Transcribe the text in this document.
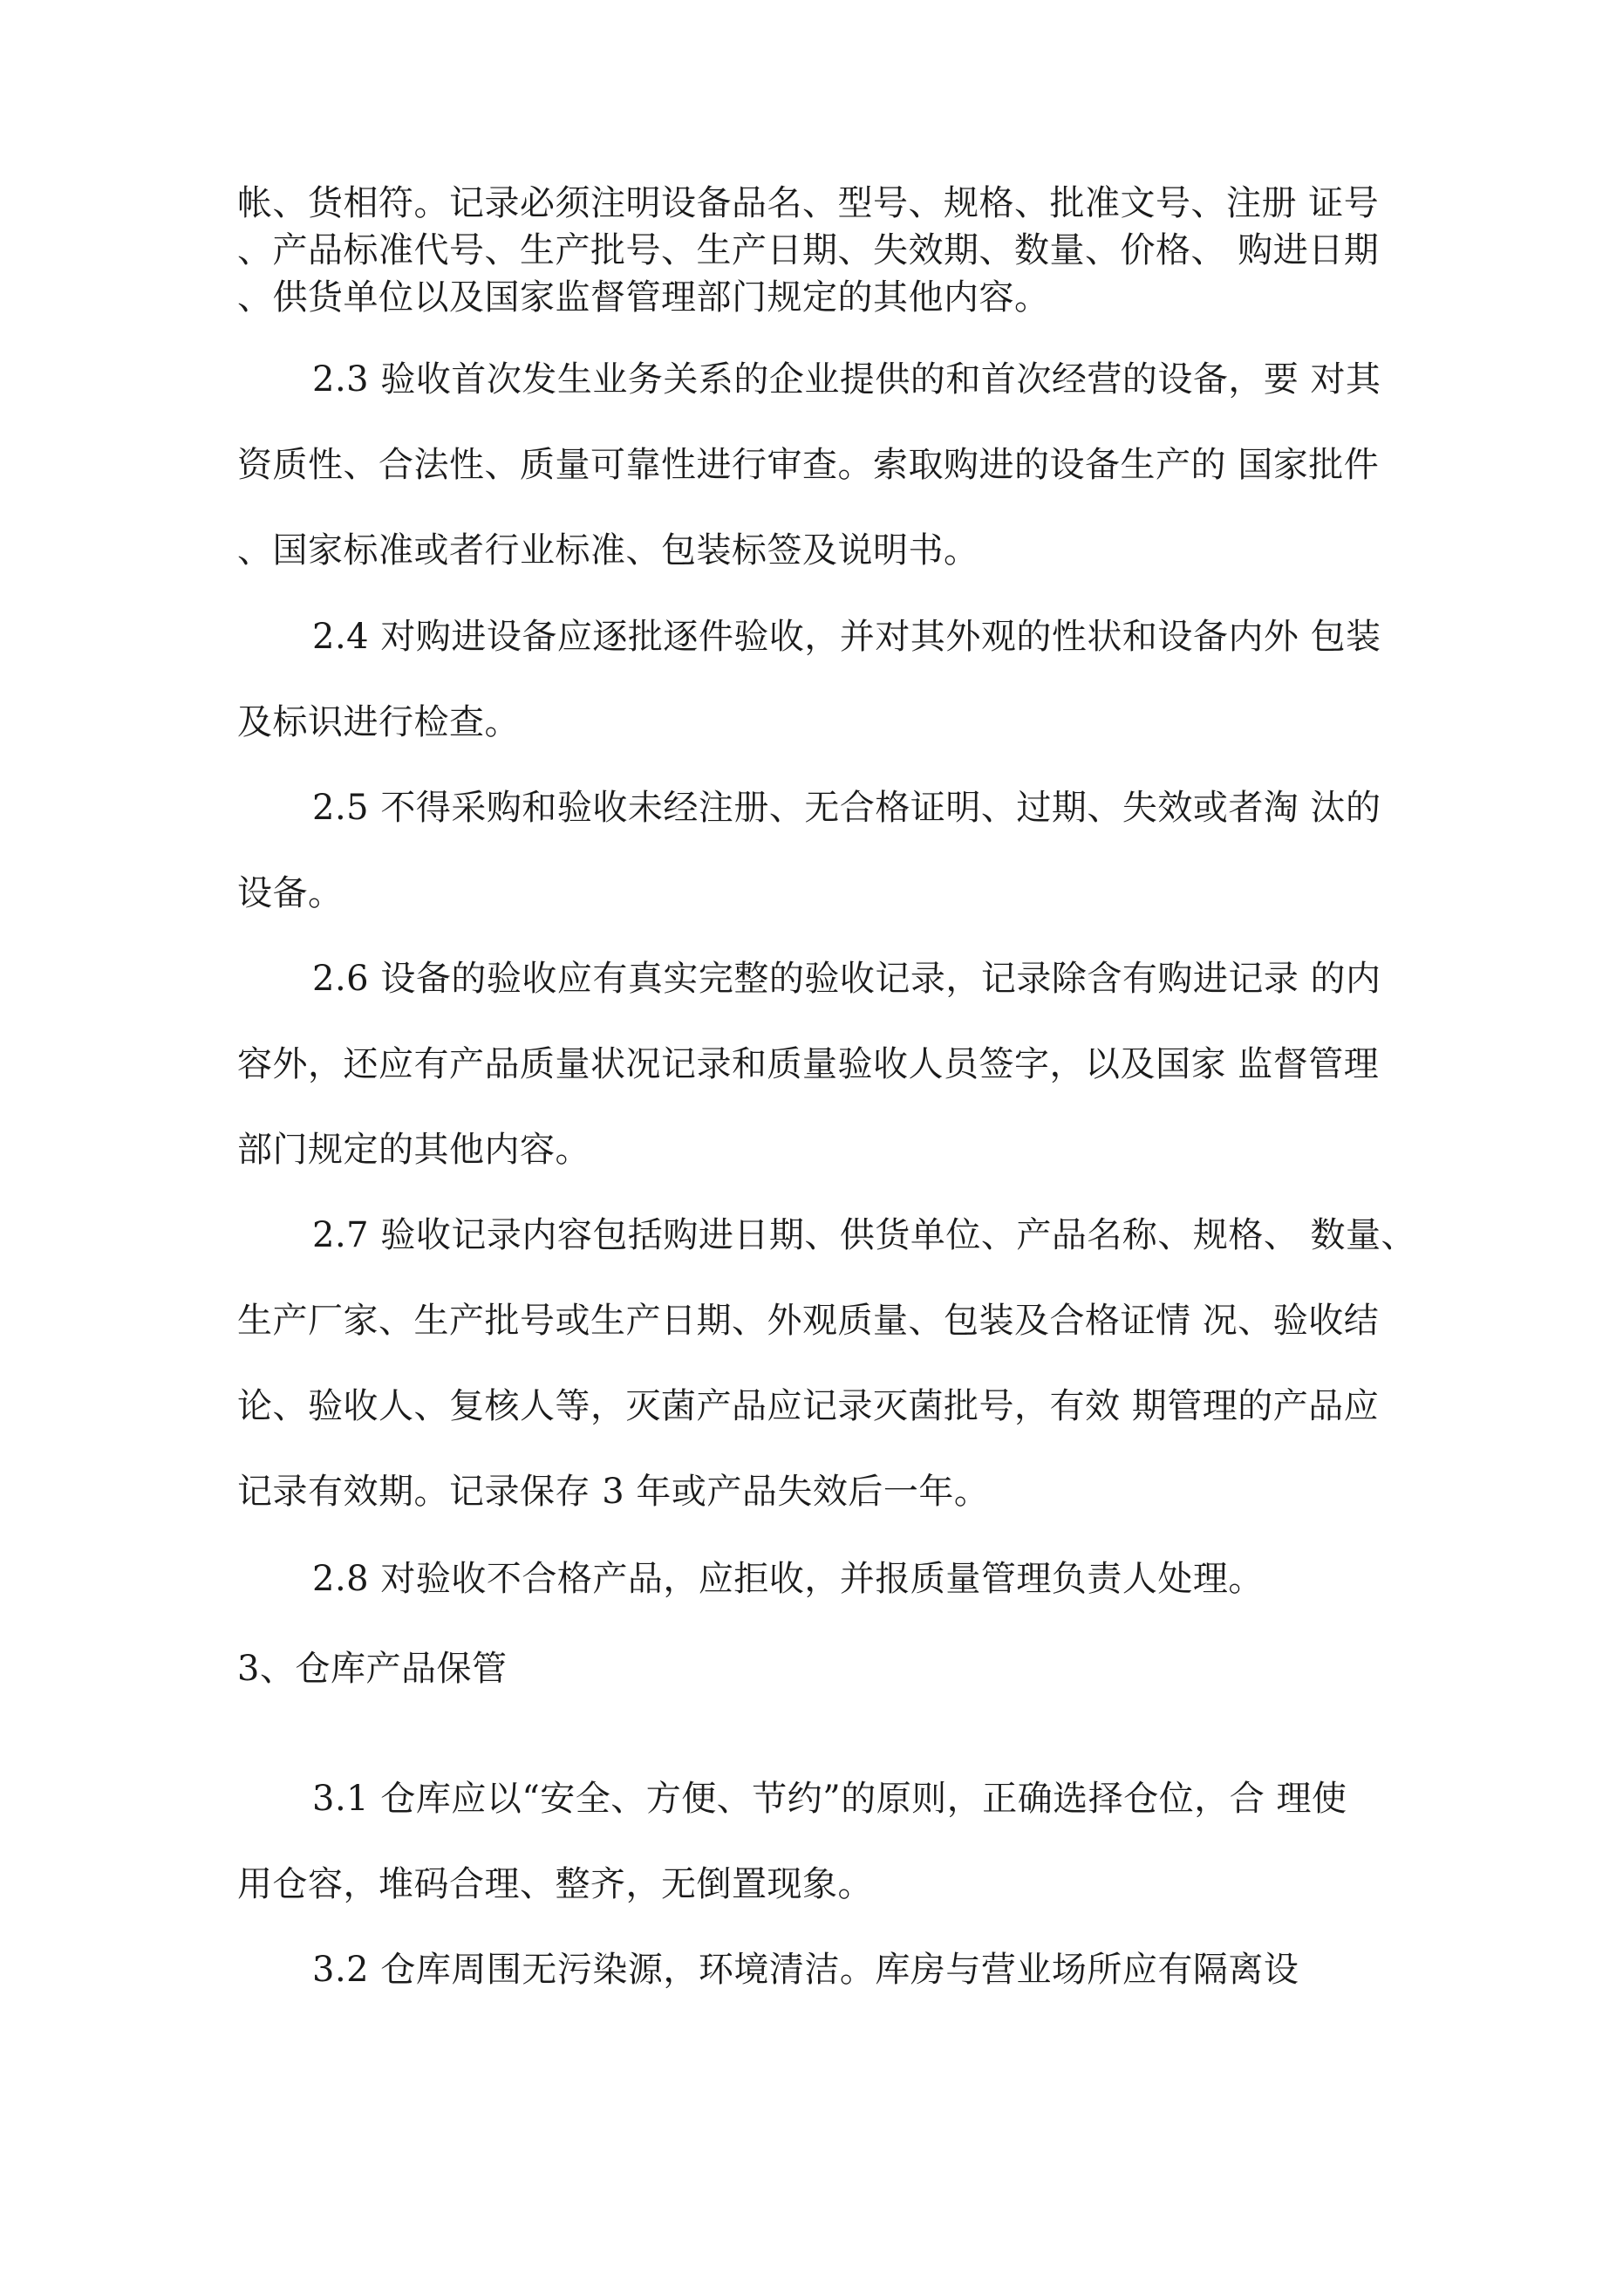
帐、货相符。记录必须注明设备品名、型号、规格、批准文号、注册 证号
、产品标准代号、生产批号、生产日期、失效期、数量、价格、 购进日期
、供货单位以及国家监督管理部门规定的其他内容。
2.3 验收首次发生业务关系的企业提供的和首次经营的设备，要 对其
资质性、合法性、质量可靠性进行审查。索取购进的设备生产的 国家批件
、国家标准或者行业标准、包装标签及说明书。
2.4 对购进设备应逐批逐件验收，并对其外观的性状和设备内外 包装
及标识进行检查。
2.5 不得采购和验收未经注册、无合格证明、过期、失效或者淘 汰的
设备。
2.6 设备的验收应有真实完整的验收记录，记录除含有购进记录 的内
容外，还应有产品质量状况记录和质量验收人员签字，以及国家 监督管理
部门规定的其他内容。
2.7 验收记录内容包括购进日期、供货单位、产品名称、规格、 数量、
生产厂家、生产批号或生产日期、外观质量、包装及合格证情 况、验收结
论、验收人、复核人等，灭菌产品应记录灭菌批号，有效 期管理的产品应
记录有效期。记录保存 3 年或产品失效后一年。
2.8 对验收不合格产品，应拒收，并报质量管理负责人处理。
3、仓库产品保管
3.1 仓库应以“安全、方便、节约”的原则，正确选择仓位，合 理使
用仓容，堆码合理、整齐，无倒置现象。
3.2 仓库周围无污染源，环境清洁。库房与营业场所应有隔离设
